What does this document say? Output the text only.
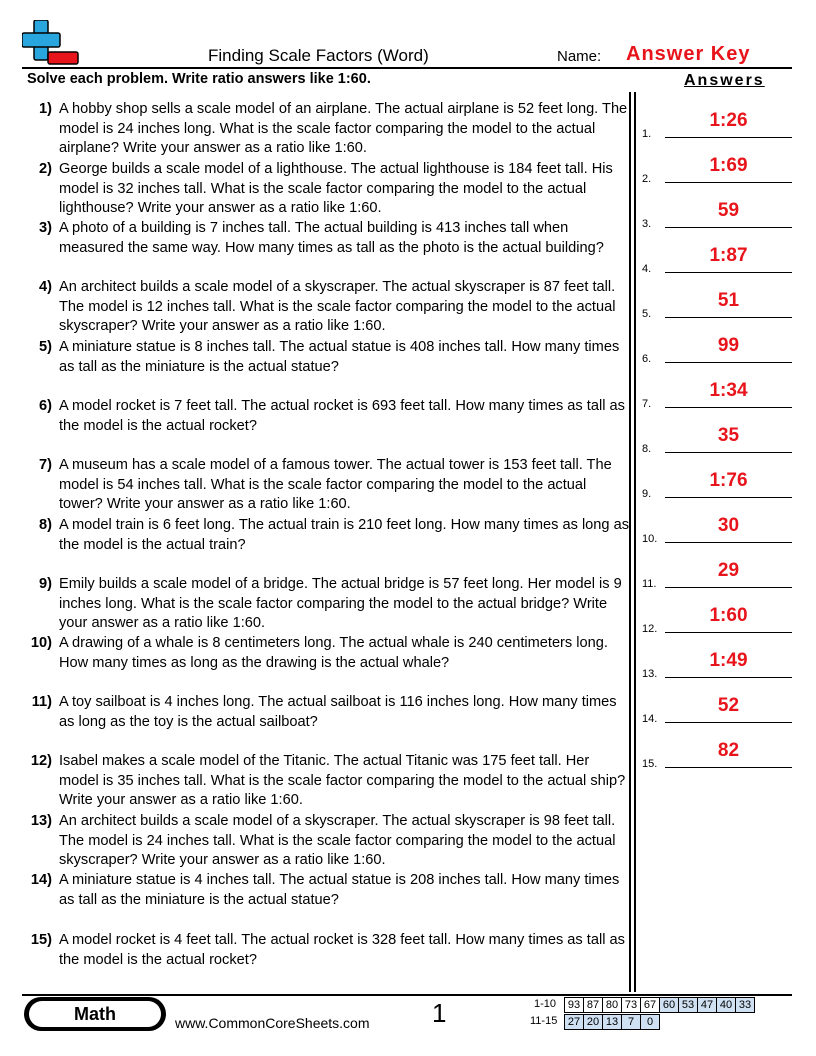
Finding Scale Factors (Word)	Name: Answer Key
Solve each problem. Write ratio answers like 1:60.	Answers
1) A hobby shop sells a scale model of an airplane. The actual airplane is 52 feet long. The model is 24 inches long. What is the scale factor comparing the model to the actual airplane? Write your answer as a ratio like 1:60.
2) George builds a scale model of a lighthouse. The actual lighthouse is 184 feet tall. His model is 32 inches tall. What is the scale factor comparing the model to the actual lighthouse? Write your answer as a ratio like 1:60.
3) A photo of a building is 7 inches tall. The actual building is 413 inches tall when measured the same way. How many times as tall as the photo is the actual building?
4) An architect builds a scale model of a skyscraper. The actual skyscraper is 87 feet tall. The model is 12 inches tall. What is the scale factor comparing the model to the actual skyscraper? Write your answer as a ratio like 1:60.
5) A miniature statue is 8 inches tall. The actual statue is 408 inches tall. How many times as tall as the miniature is the actual statue?
6) A model rocket is 7 feet tall. The actual rocket is 693 feet tall. How many times as tall as the model is the actual rocket?
7) A museum has a scale model of a famous tower. The actual tower is 153 feet tall. The model is 54 inches tall. What is the scale factor comparing the model to the actual tower? Write your answer as a ratio like 1:60.
8) A model train is 6 feet long. The actual train is 210 feet long. How many times as long as the model is the actual train?
9) Emily builds a scale model of a bridge. The actual bridge is 57 feet long. Her model is 9 inches long. What is the scale factor comparing the model to the actual bridge? Write your answer as a ratio like 1:60.
10) A drawing of a whale is 8 centimeters long. The actual whale is 240 centimeters long. How many times as long as the drawing is the actual whale?
11) A toy sailboat is 4 inches long. The actual sailboat is 116 inches long. How many times as long as the toy is the actual sailboat?
12) Isabel makes a scale model of the Titanic. The actual Titanic was 175 feet tall. Her model is 35 inches tall. What is the scale factor comparing the model to the actual ship? Write your answer as a ratio like 1:60.
13) An architect builds a scale model of a skyscraper. The actual skyscraper is 98 feet tall. The model is 24 inches tall. What is the scale factor comparing the model to the actual skyscraper? Write your answer as a ratio like 1:60.
14) A miniature statue is 4 inches tall. The actual statue is 208 inches tall. How many times as tall as the miniature is the actual statue?
15) A model rocket is 4 feet tall. The actual rocket is 328 feet tall. How many times as tall as the model is the actual rocket?
1.
1:26
2.
1:69
3.
59
4.
1:87
5.
51
6.
99
7.
1:34
8.
35
9.
1:76
10.
30
11.
29
12.
1:60
13.
1:49
14.
52
15.
82
Math	www.CommonCoreSheets.com 1	1-10
11-15
93	87	80	73	67	60	53	47	40	33
27	20	13	7	0
